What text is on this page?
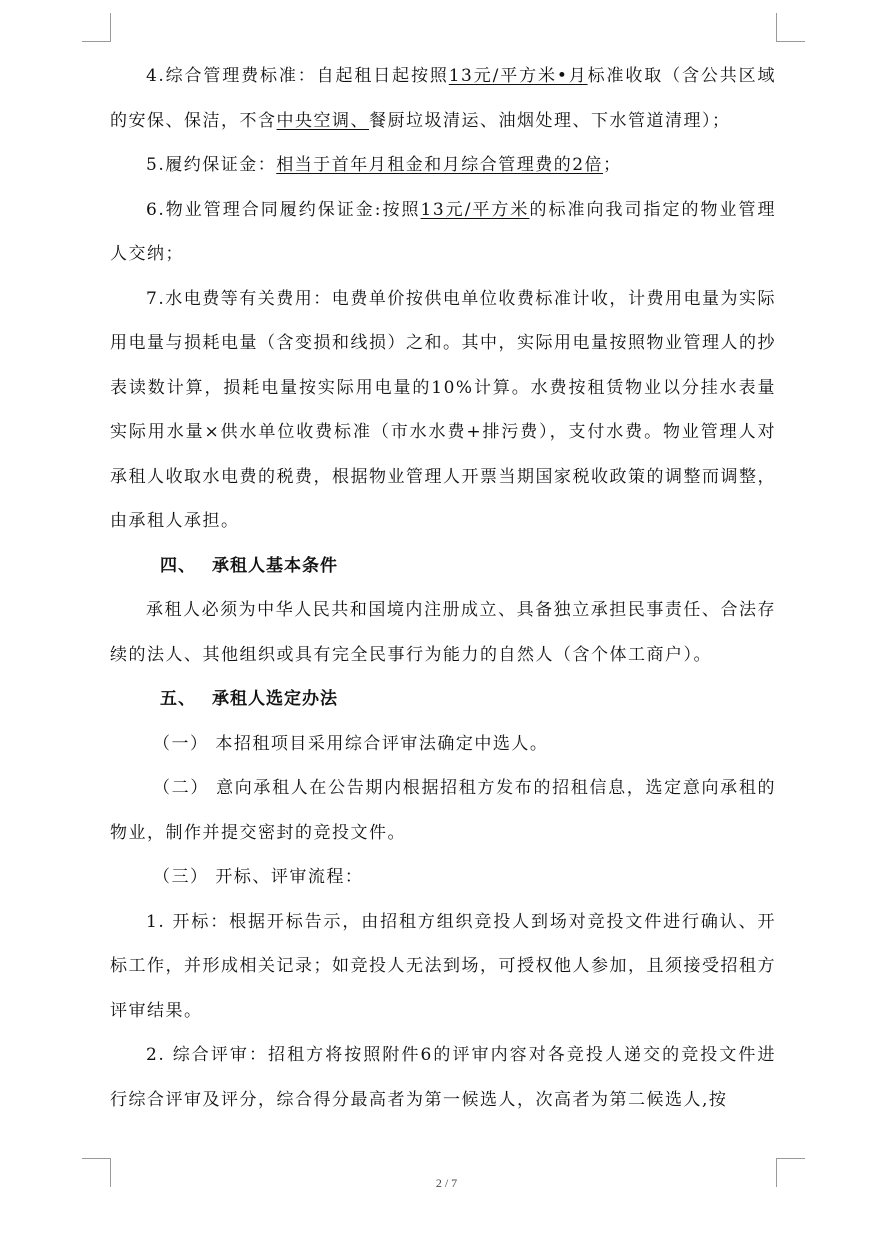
4.综合管理费标准：自起租日起按照13元/平方米•月标准收取（含公共区域的安保、保洁，不含中央空调、餐厨垃圾清运、油烟处理、下水管道清理）；

5.履约保证金：相当于首年月租金和月综合管理费的2倍；

6.物业管理合同履约保证金:按照13元/平方米的标准向我司指定的物业管理人交纳；

7.水电费等有关费用：电费单价按供电单位收费标准计收，计费用电量为实际用电量与损耗电量（含变损和线损）之和。其中，实际用电量按照物业管理人的抄表读数计算，损耗电量按实际用电量的10%计算。水费按租赁物业以分挂水表量实际用水量×供水单位收费标准（市水水费+排污费），支付水费。物业管理人对承租人收取水电费的税费，根据物业管理人开票当期国家税收政策的调整而调整，由承租人承担。

四、 承租人基本条件

承租人必须为中华人民共和国境内注册成立、具备独立承担民事责任、合法存续的法人、其他组织或具有完全民事行为能力的自然人（含个体工商户）。

五、 承租人选定办法

（一） 本招租项目采用综合评审法确定中选人。

（二） 意向承租人在公告期内根据招租方发布的招租信息，选定意向承租的物业，制作并提交密封的竞投文件。

（三） 开标、评审流程：

1. 开标：根据开标告示，由招租方组织竞投人到场对竞投文件进行确认、开标工作，并形成相关记录；如竞投人无法到场，可授权他人参加，且须接受招租方评审结果。

2. 综合评审：招租方将按照附件6的评审内容对各竞投人递交的竞投文件进行综合评审及评分，综合得分最高者为第一候选人，次高者为第二候选人,按

2 / 7
